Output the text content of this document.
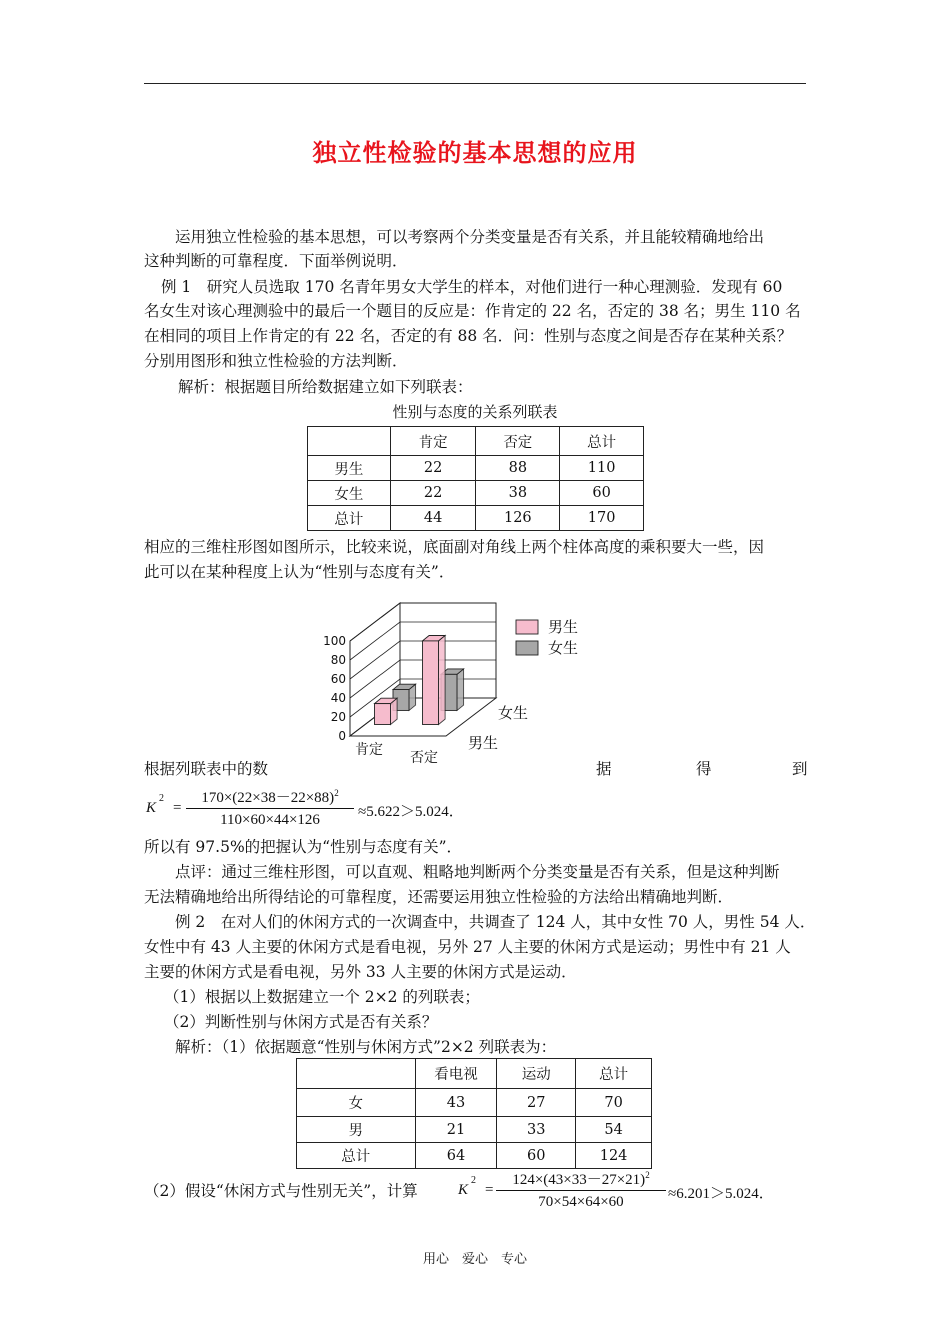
独立性检验的基本思想的应用
运用独立性检验的基本思想，可以考察两个分类变量是否有关系，并且能较精确地给出
这种判断的可靠程度．下面举例说明．
例 1　研究人员选取 170 名青年男女大学生的样本，对他们进行一种心理测验．发现有 60
名女生对该心理测验中的最后一个题目的反应是：作肯定的 22 名，否定的 38 名；男生 110 名
在相同的项目上作肯定的有 22 名，否定的有 88 名．问：性别与态度之间是否存在某种关系？
分别用图形和独立性检验的方法判断．
解析：根据题目所给数据建立如下列联表：
性别与态度的关系列联表
	肯定	否定	总计
男生	22	88	110
女生	22	38	60
总计	44	126	170
相应的三维柱形图如图所示，比较来说，底面副对角线上两个柱体高度的乘积要大一些，因
此可以在某种程度上认为“性别与态度有关”．
0
20
40
60
80
100
肯定 否定
男生
女生
男生
女生
根据列联表中的数	据	得	到
K
2
=
$170\times(22\times 38-22\times 88)^2$
110×60×44×126	≈5.622＞5.024．
所以有 97.5%的把握认为“性别与态度有关”．
点评：通过三维柱形图，可以直观、粗略地判断两个分类变量是否有关系，但是这种判断
无法精确地给出所得结论的可靠程度，还需要运用独立性检验的方法给出精确地判断．
例 2　在对人们的休闲方式的一次调查中，共调查了 124 人，其中女性 70 人，男性 54 人．
女性中有 43 人主要的休闲方式是看电视，另外 27 人主要的休闲方式是运动；男性中有 21 人
主要的休闲方式是看电视，另外 33 人主要的休闲方式是运动．
（1）根据以上数据建立一个 2×2 的列联表；
（2）判断性别与休闲方式是否有关系？
解析：（1）依据题意“性别与休闲方式”2×2 列联表为：
	看电视	运动	总计
女	43	27	70
男	21	33	54
总计	64	60	124
（2）假设“休闲方式与性别无关”，计算	K
2
=
$124\times(43\times 33-27\times 21)^2$
70×54×64×60	≈6.201＞5.024．
用心　爱心　专心
